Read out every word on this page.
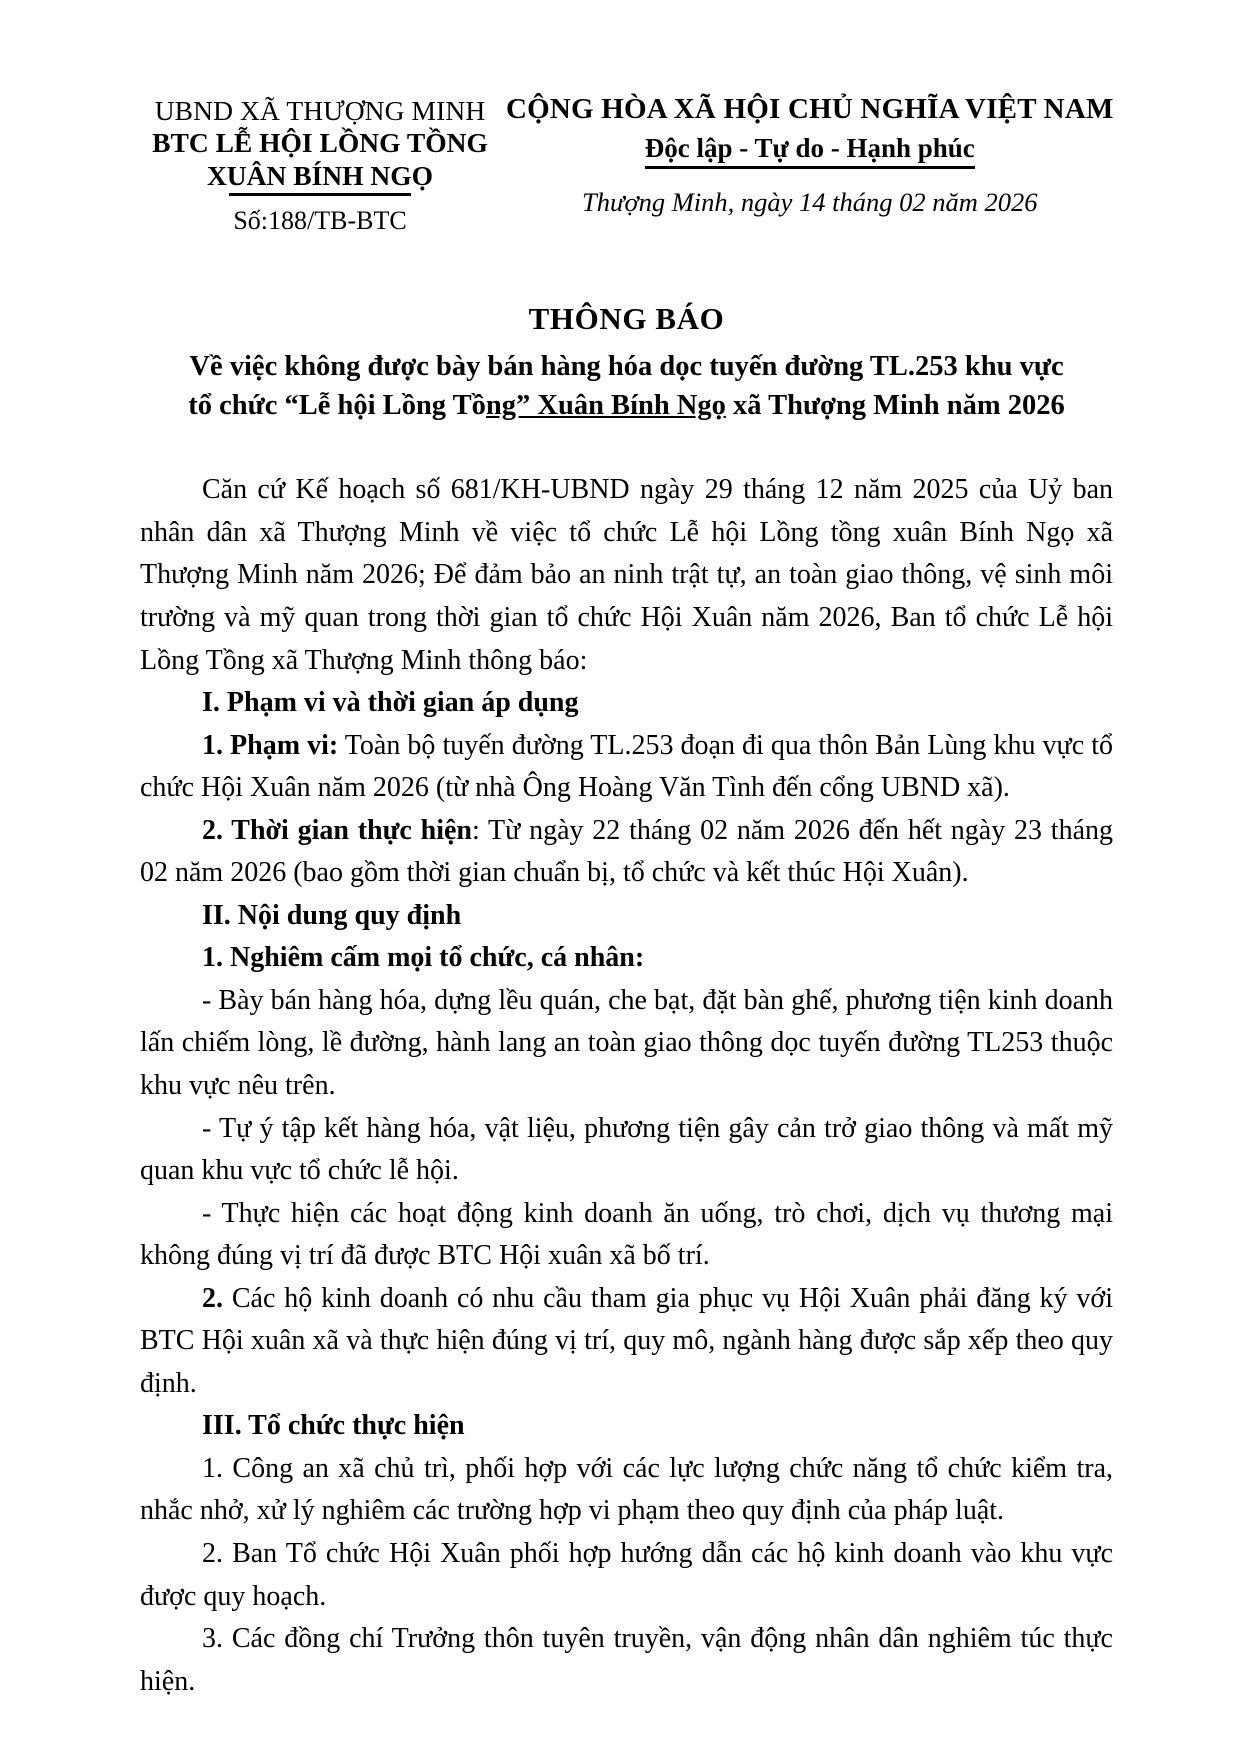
UBND XÃ THƯỢNG MINH
BTC LỄ HỘI LỒNG TỒNG
XUÂN BÍNH NGỌ
Số:188/TB-BTC
CỘNG HÒA XÃ HỘI CHỦ NGHĨA VIỆT NAM
Độc lập - Tự do - Hạnh phúc
Thượng Minh, ngày 14 tháng 02 năm 2026
THÔNG BÁO
Về việc không được bày bán hàng hóa dọc tuyến đường TL.253 khu vực
tổ chức “Lễ hội Lồng Tồng” Xuân Bính Ngọ xã Thượng Minh năm 2026

Căn cứ Kế hoạch số 681/KH-UBND ngày 29 tháng 12 năm 2025 của Uỷ ban nhân dân xã Thượng Minh về việc tổ chức Lễ hội Lồng tồng xuân Bính Ngọ xã Thượng Minh năm 2026; Để đảm bảo an ninh trật tự, an toàn giao thông, vệ sinh môi trường và mỹ quan trong thời gian tổ chức Hội Xuân năm 2026, Ban tổ chức Lễ hội Lồng Tồng xã Thượng Minh thông báo:

I. Phạm vi và thời gian áp dụng

1. Phạm vi: Toàn bộ tuyến đường TL.253 đoạn đi qua thôn Bản Lùng khu vực tổ chức Hội Xuân năm 2026 (từ nhà Ông Hoàng Văn Tình đến cổng UBND xã).

2. Thời gian thực hiện: Từ ngày 22 tháng 02 năm 2026 đến hết ngày 23 tháng 02 năm 2026 (bao gồm thời gian chuẩn bị, tổ chức và kết thúc Hội Xuân).

II. Nội dung quy định

1. Nghiêm cấm mọi tổ chức, cá nhân:

- Bày bán hàng hóa, dựng lều quán, che bạt, đặt bàn ghế, phương tiện kinh doanh lấn chiếm lòng, lề đường, hành lang an toàn giao thông dọc tuyến đường TL253 thuộc khu vực nêu trên.

- Tự ý tập kết hàng hóa, vật liệu, phương tiện gây cản trở giao thông và mất mỹ quan khu vực tổ chức lễ hội.

- Thực hiện các hoạt động kinh doanh ăn uống, trò chơi, dịch vụ thương mại không đúng vị trí đã được BTC Hội xuân xã bố trí.

2. Các hộ kinh doanh có nhu cầu tham gia phục vụ Hội Xuân phải đăng ký với BTC Hội xuân xã và thực hiện đúng vị trí, quy mô, ngành hàng được sắp xếp theo quy định.

III. Tổ chức thực hiện

1. Công an xã chủ trì, phối hợp với các lực lượng chức năng tổ chức kiểm tra, nhắc nhở, xử lý nghiêm các trường hợp vi phạm theo quy định của pháp luật.

2. Ban Tổ chức Hội Xuân phối hợp hướng dẫn các hộ kinh doanh vào khu vực được quy hoạch.

3. Các đồng chí Trưởng thôn tuyên truyền, vận động nhân dân nghiêm túc thực hiện.
